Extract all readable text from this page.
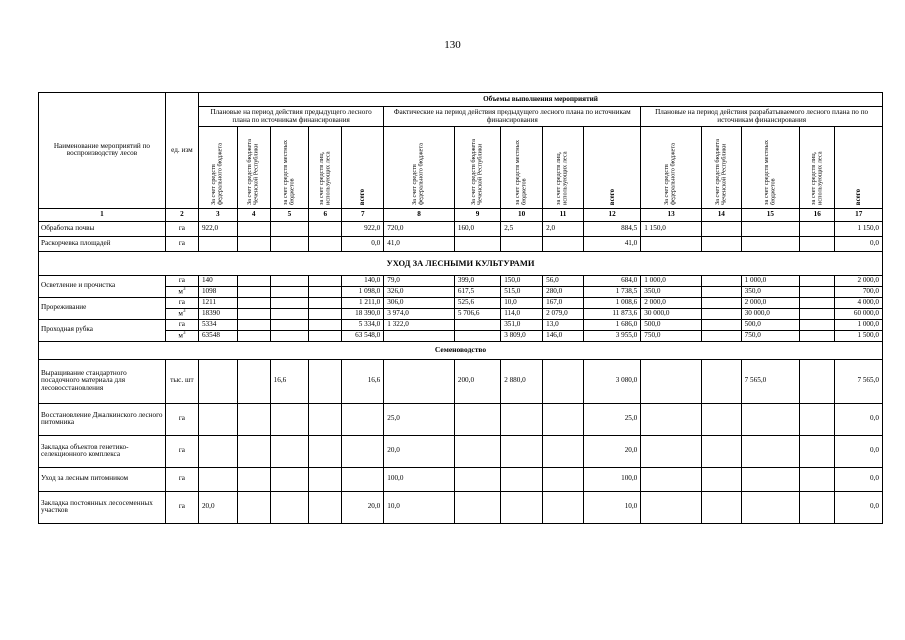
130
Наименование мероприятий по воспроизводству лесов	ед. изм	Объемы выполнения мероприятий														
		Плановые на период действия предыдущего лесного плана по источникам финансирования					Фактические на период действия предыдущего лесного плана по источникам финансирования					Плановые на период действия разрабатываемого лесного плана по по источникам финансирования				
		За счет средств федерального бюджета	За счет средств бюджета Чеченской Республики	за счет средств местных бюджетов	за счет средств лиц, использующих леса	всего	За счет средств федерального бюджета	За счет средств бюджета Чеченской Республики	за счет средств местных бюджетов	за счет средств лиц, использующих леса	всего	За счет средств федерального бюджета	За счет средств бюджета Чеченской Республики	за счет средств местных бюджетов	за счет средств лиц, использующих леса	всего
1	2	3	4	5	6	7	8	9	10	11	12	13	14	15	16	17
Обработка почвы	га	922,0				922,0	720,0	160,0	2,5	2,0	884,5	1 150,0				1 150,0
Раскорчевка площадей	га					0,0	41,0				41,0					0,0
УХОД ЗА ЛЕСНЫМИ КУЛЬТУРАМИ																
Осветление и прочистка	га	140				140,0	79,0	399,0	150,0	56,0	684,0	1 000,0		1 000,0		2 000,0
	$м^3$	1098				1 098,0	326,0	617,5	515,0	280,0	1 738,5	350,0		350,0		700,0
Прореживание	га	1211				1 211,0	306,0	525,6	10,0	167,0	1 008,6	2 000,0		2 000,0		4 000,0
	$м^3$	18390				18 390,0	3 974,0	5 706,6	114,0	2 079,0	11 873,6	30 000,0		30 000,0		60 000,0
Проходная рубка	га	5334				5 334,0	1 322,0		351,0	13,0	1 686,0	500,0		500,0		1 000,0
	$м^3$	63548				63 548,0			3 809,0	146,0	3 955,0	750,0		750,0		1 500,0
Семеноводство																
Выращивание стандартного посадочного материала для лесовосстановления	тыс. шт			16,6		16,6		200,0	2 880,0		3 080,0			7 565,0		7 565,0
Восстановление Джалкинского лесного питомника	га						25,0				25,0					0,0
Закладка объектов генетико-селекционного комплекса	га						20,0				20,0					0,0
Уход за лесным питомником	га						100,0				100,0					0,0
Закладка постоянных лесосеменных участков	га	20,0				20,0	10,0				10,0					0,0
